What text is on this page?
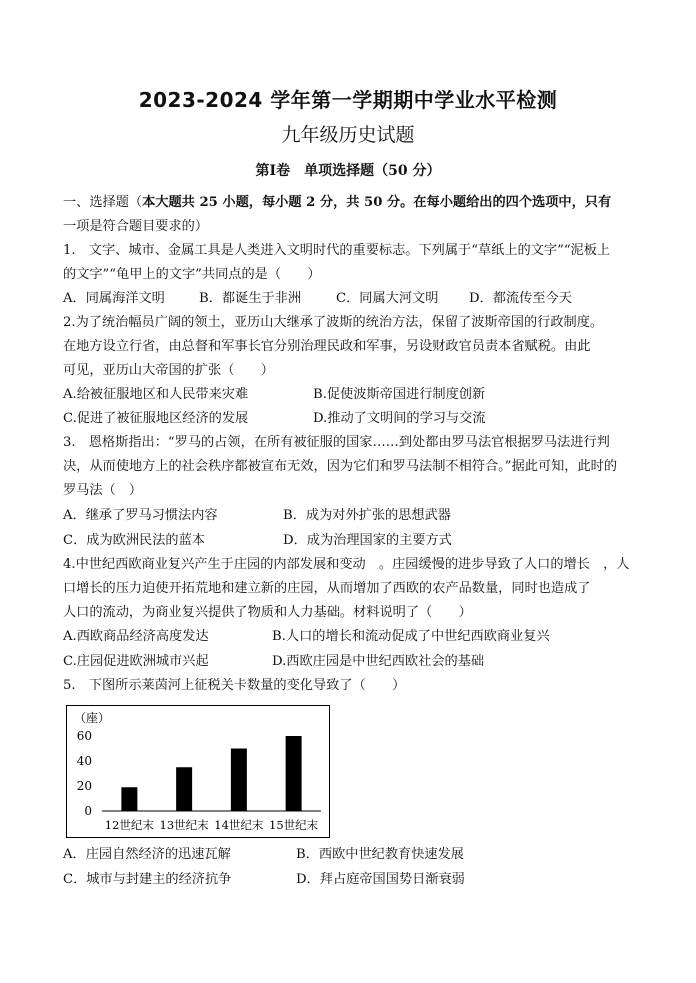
2023-2024 学年第一学期期中学业水平检测
九年级历史试题
第Ⅰ卷　单项选择题（50 分）
一、选择题（本大题共 25 小题，每小题 2 分，共 50 分。在每小题给出的四个选项中，只有
一项是符合题目要求的）
1.　文字、城市、金属工具是人类进入文明时代的重要标志。下列属于“草纸上的文字”“泥板上
的文字”“龟甲上的文字”共同点的是（　　）
A．同属海洋文明	B．都诞生于非洲	C．同属大河文明 D．都流传至今天
2.为了统治幅员广阔的领土，亚历山大继承了波斯的统治方法，保留了波斯帝国的行政制度。
在地方设立行省，由总督和军事长官分别治理民政和军事，另设财政官员责本省赋税。由此
可见，亚历山大帝国的扩张（　　）
A.给被征服地区和人民带来灾难	B.促使波斯帝国进行制度创新
C.促进了被征服地区经济的发展	D.推动了文明间的学习与交流
3.　恩格斯指出：“罗马的占领，在所有被征服的国家……到处都由罗马法官根据罗马法进行判
决，从而使地方上的社会秩序都被宣布无效，因为它们和罗马法制不相符合。”据此可知，此时的
罗马法（　）
A．继承了罗马习惯法内容	B．成为对外扩张的思想武器
C．成为欧洲民法的蓝本	D．成为治理国家的主要方式
4.中世纪西欧商业复兴产生于庄园的内部发展和变动　。庄园缓慢的进步导致了人口的增长　，人
口增长的压力迫使开拓荒地和建立新的庄园，从而增加了西欧的农产品数量，同时也造成了
人口的流动，为商业复兴提供了物质和人力基础。材料说明了（　　）
A.西欧商品经济高度发达	B.人口的增长和流动促成了中世纪西欧商业复兴
C.庄园促进欧洲城市兴起	D.西欧庄园是中世纪西欧社会的基础
5.　下图所示莱茵河上征税关卡数量的变化导致了（　　）
（座）
0
20
40
60
12世纪末 13世纪末 14世纪末 15世纪末
A．庄园自然经济的迅速瓦解	B．西欧中世纪教育快速发展
C．城市与封建主的经济抗争	D．拜占庭帝国国势日渐衰弱
